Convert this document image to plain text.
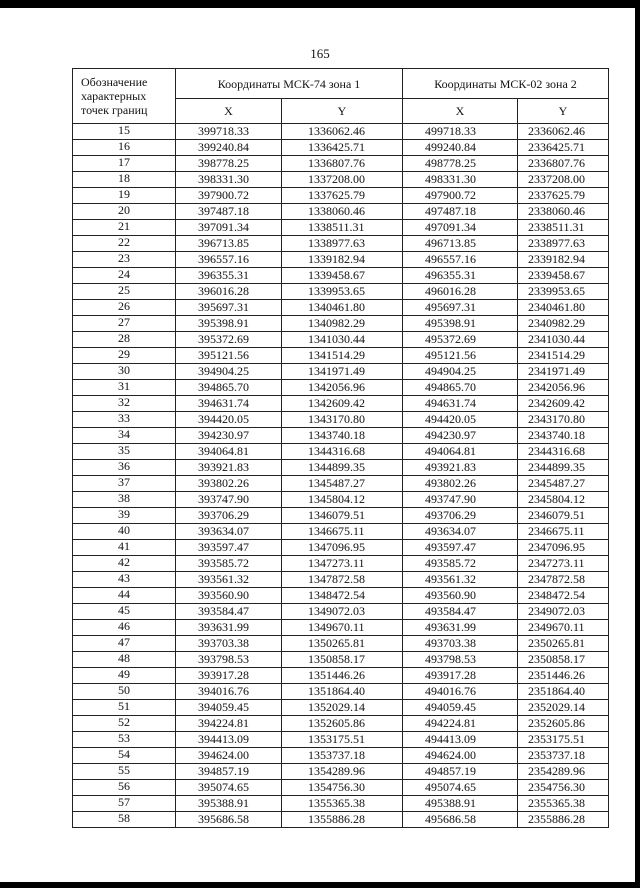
165
Обозначение характерных точек границ	Координаты МСК-74 зона 1		Координаты МСК-02 зона 2	
	X	Y	X	Y
15	399718.33	1336062.46	499718.33	2336062.46
16	399240.84	1336425.71	499240.84	2336425.71
17	398778.25	1336807.76	498778.25	2336807.76
18	398331.30	1337208.00	498331.30	2337208.00
19	397900.72	1337625.79	497900.72	2337625.79
20	397487.18	1338060.46	497487.18	2338060.46
21	397091.34	1338511.31	497091.34	2338511.31
22	396713.85	1338977.63	496713.85	2338977.63
23	396557.16	1339182.94	496557.16	2339182.94
24	396355.31	1339458.67	496355.31	2339458.67
25	396016.28	1339953.65	496016.28	2339953.65
26	395697.31	1340461.80	495697.31	2340461.80
27	395398.91	1340982.29	495398.91	2340982.29
28	395372.69	1341030.44	495372.69	2341030.44
29	395121.56	1341514.29	495121.56	2341514.29
30	394904.25	1341971.49	494904.25	2341971.49
31	394865.70	1342056.96	494865.70	2342056.96
32	394631.74	1342609.42	494631.74	2342609.42
33	394420.05	1343170.80	494420.05	2343170.80
34	394230.97	1343740.18	494230.97	2343740.18
35	394064.81	1344316.68	494064.81	2344316.68
36	393921.83	1344899.35	493921.83	2344899.35
37	393802.26	1345487.27	493802.26	2345487.27
38	393747.90	1345804.12	493747.90	2345804.12
39	393706.29	1346079.51	493706.29	2346079.51
40	393634.07	1346675.11	493634.07	2346675.11
41	393597.47	1347096.95	493597.47	2347096.95
42	393585.72	1347273.11	493585.72	2347273.11
43	393561.32	1347872.58	493561.32	2347872.58
44	393560.90	1348472.54	493560.90	2348472.54
45	393584.47	1349072.03	493584.47	2349072.03
46	393631.99	1349670.11	493631.99	2349670.11
47	393703.38	1350265.81	493703.38	2350265.81
48	393798.53	1350858.17	493798.53	2350858.17
49	393917.28	1351446.26	493917.28	2351446.26
50	394016.76	1351864.40	494016.76	2351864.40
51	394059.45	1352029.14	494059.45	2352029.14
52	394224.81	1352605.86	494224.81	2352605.86
53	394413.09	1353175.51	494413.09	2353175.51
54	394624.00	1353737.18	494624.00	2353737.18
55	394857.19	1354289.96	494857.19	2354289.96
56	395074.65	1354756.30	495074.65	2354756.30
57	395388.91	1355365.38	495388.91	2355365.38
58	395686.58	1355886.28	495686.58	2355886.28
